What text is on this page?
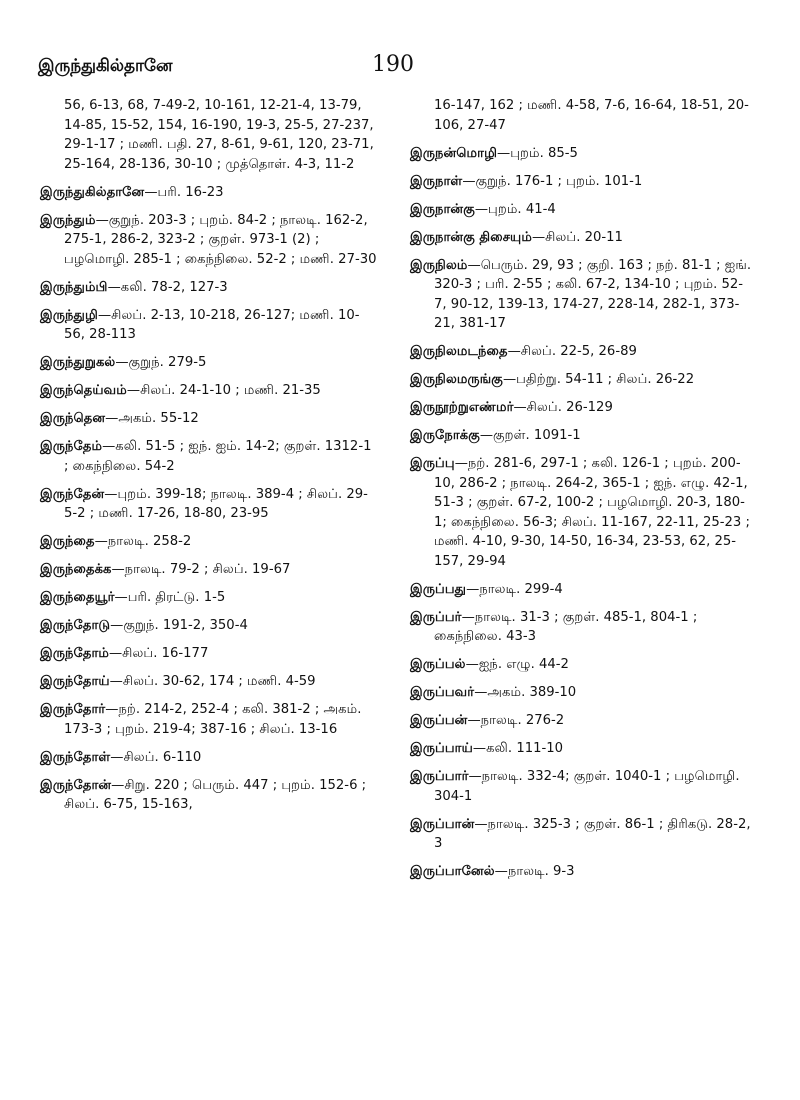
இருந்துகில்தானே	190
56, 6-13, 68, 7-49-2, 10-161, 12-21-4, 13-79, 14-85, 15-52, 154, 16-190, 19-3, 25-5, 27-237, 29-1-17 ; மணி. பதி. 27, 8-61, 9-61, 120, 23-71, 25-164, 28-136, 30-10 ; முத்தொள். 4-3, 11-2
இருந்துகில்தானே—பரி. 16-23
இருந்தும்—குறுந். 203-3 ; புறம். 84-2 ; நாலடி. 162-2, 275-1, 286-2, 323-2 ; குறள். 973-1 (2) ; பழமொழி. 285-1 ; கைந்நிலை. 52-2 ; மணி. 27-30
இருந்தும்பி—கலி. 78-2, 127-3
இருந்துழி—சிலப். 2-13, 10-218, 26-127; மணி. 10-56, 28-113
இருந்துறுகல்—குறுந். 279-5
இருந்தெய்வம்—சிலப். 24-1-10 ; மணி. 21-35
இருந்தென—அகம். 55-12
இருந்தேம்—கலி. 51-5 ; ஐந். ஐம். 14-2; குறள். 1312-1 ; கைந்நிலை. 54-2
இருந்தேன்—புறம். 399-18; நாலடி. 389-4 ; சிலப். 29-5-2 ; மணி. 17-26, 18-80, 23-95
இருந்தை—நாலடி. 258-2
இருந்தைக்க—நாலடி. 79-2 ; சிலப். 19-67
இருந்தையூர்—பரி. திரட்டு. 1-5
இருந்தோடு—குறுந். 191-2, 350-4
இருந்தோம்—சிலப். 16-177
இருந்தோய்—சிலப். 30-62, 174 ; மணி. 4-59
இருந்தோர்—நற். 214-2, 252-4 ; கலி. 381-2 ; அகம். 173-3 ; புறம். 219-4; 387-16 ; சிலப். 13-16
இருந்தோள்—சிலப். 6-110
இருந்தோன்—சிறு. 220 ; பெரும். 447 ; புறம். 152-6 ; சிலப். 6-75, 15-163,
16-147, 162 ; மணி. 4-58, 7-6, 16-64, 18-51, 20-106, 27-47
இருநன்மொழி—புறம். 85-5
இருநாள்—குறுந். 176-1 ; புறம். 101-1
இருநான்கு—புறம். 41-4
இருநான்கு திசையும்—சிலப். 20-11
இருநிலம்—பெரும். 29, 93 ; குறி. 163 ; நற். 81-1 ; ஐங். 320-3 ; பரி. 2-55 ; கலி. 67-2, 134-10 ; புறம். 52-7, 90-12, 139-13, 174-27, 228-14, 282-1, 373-21, 381-17
இருநிலமடந்தை—சிலப். 22-5, 26-89
இருநிலமருங்கு—பதிற்று. 54-11 ; சிலப். 26-22
இருநூற்றுஎண்மர்—சிலப். 26-129
இருநோக்கு—குறள். 1091-1
இருப்பு—நற். 281-6, 297-1 ; கலி. 126-1 ; புறம். 200-10, 286-2 ; நாலடி. 264-2, 365-1 ; ஐந். எழு. 42-1, 51-3 ; குறள். 67-2, 100-2 ; பழமொழி. 20-3, 180-1; கைந்நிலை. 56-3; சிலப். 11-167, 22-11, 25-23 ; மணி. 4-10, 9-30, 14-50, 16-34, 23-53, 62, 25-157, 29-94
இருப்பது—நாலடி. 299-4
இருப்பர்—நாலடி. 31-3 ; குறள். 485-1, 804-1 ; கைந்நிலை. 43-3
இருப்பல்—ஐந். எழு. 44-2
இருப்பவர்—அகம். 389-10
இருப்பன்—நாலடி. 276-2
இருப்பாய்—கலி. 111-10
இருப்பார்—நாலடி. 332-4; குறள். 1040-1 ; பழமொழி. 304-1
இருப்பான்—நாலடி. 325-3 ; குறள். 86-1 ; திரிகடு. 28-2, 3
இருப்பானேல்—நாலடி. 9-3
